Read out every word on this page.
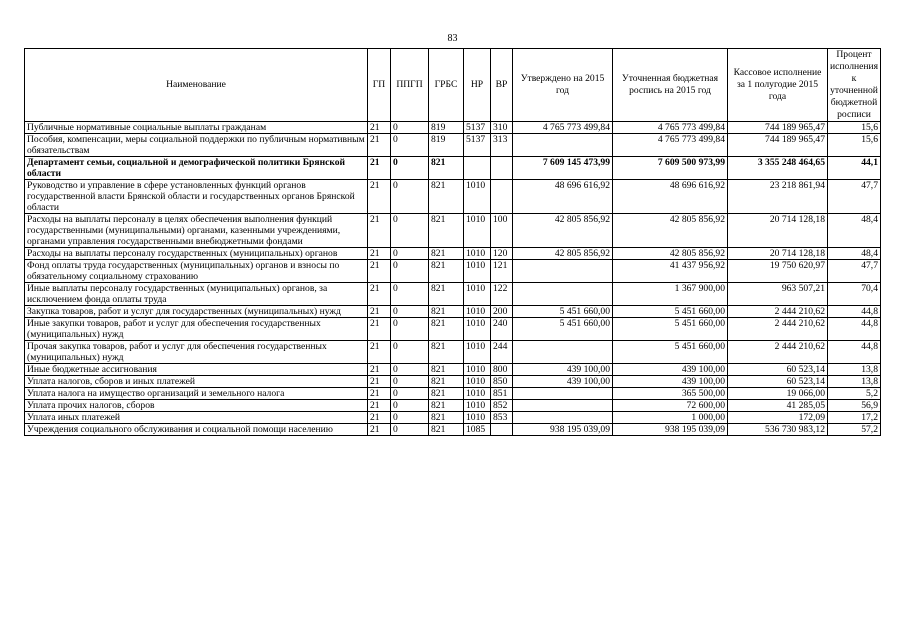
83
Наименование	ГП	ППГП	ГРБС	НР	ВР	Утверждено на 2015 год	Уточненная бюджетная роспись на 2015 год	Кассовое исполнение за 1 полугодие 2015 года	Процент исполнения к уточненной бюджетной росписи
Публичные нормативные социальные выплаты гражданам	21	0	819	5137	310	4 765 773 499,84	4 765 773 499,84	744 189 965,47	15,6
Пособия, компенсации, меры социальной поддержки по публичным нормативным обязательствам	21	0	819	5137	313		4 765 773 499,84	744 189 965,47	15,6
Департамент семьи, социальной и демографической политики Брянской области	21	0	821			7 609 145 473,99	7 609 500 973,99	3 355 248 464,65	44,1
Руководство и управление в сфере установленных функций органов государственной власти Брянской области и государственных органов Брянской области	21	0	821	1010		48 696 616,92	48 696 616,92	23 218 861,94	47,7
Расходы на выплаты персоналу в целях обеспечения выполнения функций государственными (муниципальными) органами, казенными учреждениями, органами управления государственными внебюджетными фондами	21	0	821	1010	100	42 805 856,92	42 805 856,92	20 714 128,18	48,4
Расходы на выплаты персоналу государственных (муниципальных) органов	21	0	821	1010	120	42 805 856,92	42 805 856,92	20 714 128,18	48,4
Фонд оплаты труда государственных (муниципальных) органов и взносы по обязательному социальному страхованию	21	0	821	1010	121		41 437 956,92	19 750 620,97	47,7
Иные выплаты персоналу государственных (муниципальных) органов, за исключением фонда оплаты труда	21	0	821	1010	122		1 367 900,00	963 507,21	70,4
Закупка товаров, работ и услуг для государственных (муниципальных) нужд	21	0	821	1010	200	5 451 660,00	5 451 660,00	2 444 210,62	44,8
Иные закупки товаров, работ и услуг для обеспечения государственных (муниципальных) нужд	21	0	821	1010	240	5 451 660,00	5 451 660,00	2 444 210,62	44,8
Прочая закупка товаров, работ и услуг для обеспечения государственных (муниципальных) нужд	21	0	821	1010	244		5 451 660,00	2 444 210,62	44,8
Иные бюджетные ассигнования	21	0	821	1010	800	439 100,00	439 100,00	60 523,14	13,8
Уплата налогов, сборов и иных платежей	21	0	821	1010	850	439 100,00	439 100,00	60 523,14	13,8
Уплата налога на имущество организаций и земельного налога	21	0	821	1010	851		365 500,00	19 066,00	5,2
Уплата прочих налогов, сборов	21	0	821	1010	852		72 600,00	41 285,05	56,9
Уплата иных платежей	21	0	821	1010	853		1 000,00	172,09	17,2
Учреждения социального обслуживания и социальной помощи населению	21	0	821	1085		938 195 039,09	938 195 039,09	536 730 983,12	57,2
